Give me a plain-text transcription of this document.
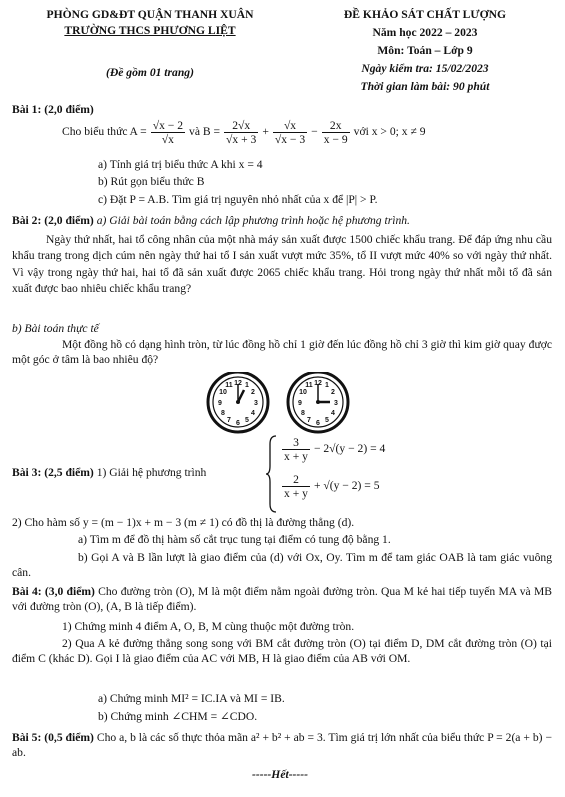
PHÒNG GD&ĐT QUẬN THANH XUÂN
TRƯỜNG THCS PHƯƠNG LIỆT
(Đề gồm 01 trang)
ĐỀ KHẢO SÁT CHẤT LƯỢNG
Năm học 2022 – 2023
Môn: Toán – Lớp 9
Ngày kiểm tra: 15/02/2023
Thời gian làm bài: 90 phút
Bài 1: (2,0 điểm)
Cho biểu thức $A = \frac{√x - 2}{√x}$ và $B = \frac{2√x}{√x + 3} + \frac{√x}{√x - 3} - \frac{2x}{x - 9}$ với x > 0; x ≠ 9
a) Tính giá trị biểu thức A khi x = 4
b) Rút gọn biểu thức B
c) Đặt P = A.B. Tìm giá trị nguyên nhỏ nhất của x để |P| > P.
Bài 2: (2,0 điểm) a) Giải bài toán bằng cách lập phương trình hoặc hệ phương trình.
Ngày thứ nhất, hai tổ công nhân của một nhà máy sản xuất được 1500 chiếc khẩu trang. Để đáp ứng nhu cầu khẩu trang trong dịch cúm nên ngày thứ hai tổ I sản xuất vượt mức 35%, tổ II vượt mức 40% so với ngày thứ nhất. Vì vậy trong ngày thứ hai, hai tổ đã sản xuất được 2065 chiếc khẩu trang. Hỏi trong ngày thứ nhất mỗi tổ đã sản xuất được bao nhiêu chiếc khẩu trang?
b) Bài toán thực tế
Một đồng hồ có dạng hình tròn, từ lúc đồng hồ chỉ 1 giờ đến lúc đồng hồ chỉ 3 giờ thì kim giờ quay được một góc ở tâm là bao nhiêu độ?
12 1
2
3
4
5
6
7
8
9
10
11	12 1
2
3
4
5
6
7
8
9
10
11
Bài 3: (2,5 điểm) 1) Giải hệ phương trình
$\frac{3}{x + y} - 2√(y - 2) = 4$
$\frac{2}{x + y} + √(y - 2) = 5$
2) Cho hàm số y = (m − 1)x + m − 3 (m ≠ 1) có đồ thị là đường thẳng (d).
a) Tìm m để đồ thị hàm số cắt trục tung tại điểm có tung độ bằng 1.
b) Gọi A và B lần lượt là giao điểm của (d) với Ox, Oy. Tìm m để tam giác OAB là tam giác vuông cân.
Bài 4: (3,0 điểm) Cho đường tròn (O), M là một điểm nằm ngoài đường tròn. Qua M kẻ hai tiếp tuyến MA và MB với đường tròn (O), (A, B là tiếp điểm).
1) Chứng minh 4 điểm A, O, B, M cùng thuộc một đường tròn.
2) Qua A kẻ đường thẳng song song với BM cắt đường tròn (O) tại điểm D, DM cắt đường tròn (O) tại điểm C (khác D). Gọi I là giao điểm của AC với MB, H là giao điểm của AB với OM.
a) Chứng minh MI² = IC.IA và MI = IB.
b) Chứng minh ∠CHM = ∠CDO.
Bài 5: (0,5 điểm) Cho a, b là các số thực thỏa mãn a² + b² + ab = 3. Tìm giá trị lớn nhất của biểu thức P = 2(a + b) − ab.
-----Hết-----
